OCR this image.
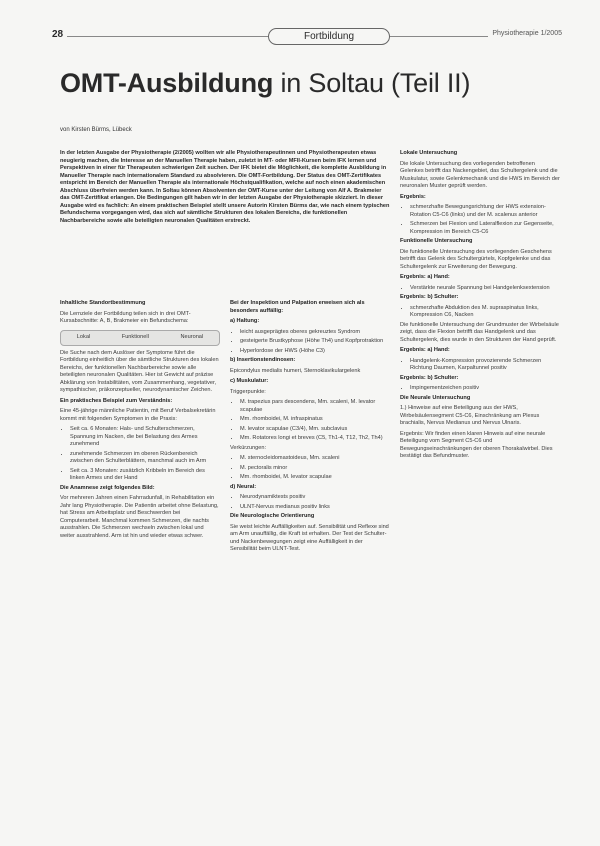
28	Fortbildung	Physiotherapie 1/2005
OMT-Ausbildung in Soltau (Teil II)
von Kirsten Bürms, Lübeck

In der letzten Ausgabe der Physiotherapie (2/2005) wollten wir alle Physiotherapeutinnen und Physiotherapeuten etwas neugierig machen, die Interesse an der Manuellen Therapie haben, zuletzt in MT- oder MFII-Kursen beim IFK lernen und Perspektiven in einer für Therapeuten schwierigen Zeit suchen. Der IFK bietet die Möglichkeit, die komplette Ausbildung in Manueller Therapie nach internationalem Standard zu absolvieren. Die OMT-Fortbildung. Der Status des OMT-Zertifikates entspricht im Bereich der Manuellen Therapie als internationale Höchstqualifikation, welche auf noch einen akademischen Abschluss überfreien werden kann. In Soltau können Absolventen der OMT-Kurse unter der Leitung von Alf A. Brakmeier das OMT-Zertifikat erlangen. Die Bedingungen gilt haben wir in der letzten Ausgabe der Physiotherapie skizziert. In dieser Ausgabe wird es fachlich: An einem praktischen Beispiel stellt unsere Autorin Kirsten Bürms dar, wie nach einem typischen Befundschema vorgegangen wird, das sich auf sämtliche Strukturen des lokalen Bereichs, die funktionellen Nachbarbereiche sowie alle beteiligten neuronalen Qualitäten erstreckt.

Inhaltliche Standortbestimmung

Die Lernziele der Fortbildung teilen sich in drei OMT-Kursabschnitte: A, B, Brakmeier ein Befundschema:

Lokal	Funktionell	Neuronal

Die Suche nach dem Auslöser der Symptome führt die Fortbildung einheitlich über die sämtliche Strukturen des lokalen Bereichs, der funktionellen Nachbarbereiche sowie alle beteiligten neuronalen Qualitäten. Hier ist Gewicht auf präzise Abklärung von Instabilitäten, vom Zusammenhang, vegetativer, sympathischer, präkonzeptueller, neurodynamischer Zeichen.

Ein praktisches Beispiel zum Verständnis:

Eine 45-jährige männliche Patientin, mit Beruf Verbalsekretärin kommt mit folgenden Symptomen in die Praxis:

• Seit ca. 6 Monaten: Hals- und Schulterschmerzen, Spannung im Nacken, die bei Belastung des Armes zunehmend
• zunehmende Schmerzen im oberen Rückenbereich zwischen den Schulterblättern, manchmal auch im Arm
• Seit ca. 3 Monaten: zusätzlich Kribbeln im Bereich des linken Armes und der Hand

Die Anamnese zeigt folgendes Bild:

Vor mehreren Jahren einen Fahrradunfall, in Rehabilitation ein Jahr lang Physiotherapie. Die Patientin arbeitet ohne Belastung, hat Stress am Arbeitsplatz und Beschwerden bei Computerarbeit. Manchmal kommen Schmerzen, die nachts ausstrahlen. Die Schmerzen wechseln zwischen lokal und weiter ausstrahlend. Arm ist hin und wieder etwas schwer.

Bei der Inspektion und Palpation erweisen sich als besonders auffällig:

a) Haltung:

• leicht ausgeprägtes oberes gekreuztes Syndrom
• gesteigerte Brustkyphose (Höhe Th4) und Kopfprotraktion
• Hyperlordose der HWS (Höhe C3)

b) Insertionstendinosen:

Epicondylus medialis humeri, Sternoklavikulargelenk

c) Muskulatur:

Triggerpunkte:

• M. trapezius pars descendens, Mm. scaleni, M. levator scapulae
• Mm. rhomboidei, M. infraspinatus
• M. levator scapulae (C3/4), Mm. subclavius
• Mm. Rotatores longi et breves (C5, Th1-4, T12, Th2, Th4)

Verkürzungen:

• M. sternocleidomastoideus, Mm. scaleni
• M. pectoralis minor
• Mm. rhomboidei, M. levator scapulae

d) Neural:

• Neurodynamiktests positiv
• ULNT-Nervus medianus positiv links

Die Neurologische Orientierung

Sie weist leichte Auffälligkeiten auf. Sensibilität und Reflexe sind am Arm unauffällig, die Kraft ist erhalten. Der Test der Schulter- und Nackenbewegungen zeigt eine Auffälligkeit in der Sensibilität beim ULNT-Test.

Lokale Untersuchung

Die lokale Untersuchung des vorliegenden betroffenen Gelenkes betrifft das Nackengebiet, das Schultergelenk und die Muskulatur, sowie Gelenkmechanik und die HWS im Bereich der neuronalen Muster geprüft werden.

Ergebnis:

• schmerzhafte Bewegungsrichtung der HWS extension-Rotation C5-C6 (links) und der M. scalenus anterior
• Schmerzen bei Flexion und Lateralflexion zur Gegenseite, Kompression im Bereich C5-C6

Funktionelle Untersuchung

Die funktionelle Untersuchung des vorliegenden Geschehens betrifft das Gelenk des Schultergürtels, Kopfgelenke und das Schultergelenk zur Erweiterung der Bewegung.

Ergebnis: a) Hand:

• Verstärkte neurale Spannung bei Handgelenksextension

Ergebnis: b) Schulter:

• schmerzhafte Abduktion des M. supraspinatus links, Kompression C6, Nacken

Die funktionelle Untersuchung der Grundmuster der Wirbelsäule zeigt, dass die Flexion betrifft das Handgelenk und das Schultergelenk, dies wurde in den Strukturen der Hand geprüft.

Ergebnis: a) Hand:

• Handgelenk-Kompression provozierende Schmerzen Richtung Daumen, Karpaltunnel positiv

Ergebnis: b) Schulter:

• Impingementzeichen positiv

Die Neurale Untersuchung

1.) Hinweise auf eine Beteiligung aus der HWS, Wirbelsäulensegment C5-C6, Einschränkung am Plexus brachialis, Nervus Medianus und Nervus Ulnaris.

Ergebnis: Wir finden einen klaren Hinweis auf eine neurale Beteiligung vom Segment C5-C6 und Bewegungseinschränkungen der oberen Thorakalwirbel. Dies bestätigt das Befundmuster.
